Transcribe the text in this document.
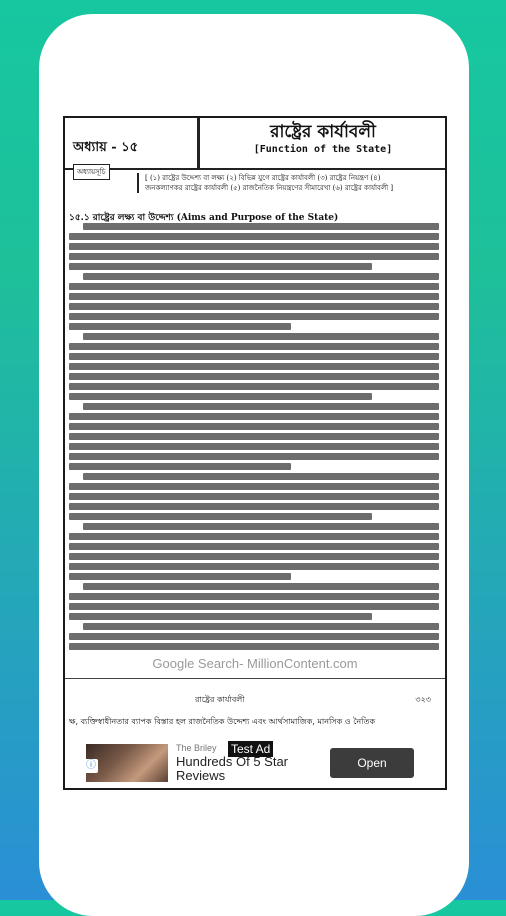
অধ্যায় - ১৫
রাষ্ট্রের কার্যাবলী
[Function of the State]
অধ্যায়সূচি
[ (১) রাষ্ট্রের উদ্দেশ্য বা লক্ষ্য (২) বিভিন্ন যুগে রাষ্ট্রের কার্যাবলী (৩) রাষ্ট্রের নিয়ন্ত্রণ (৪)
জনকল্যাণকর রাষ্ট্রের কার্যাবলী (৫) রাজনৈতিক নিয়ন্ত্রণের সীমারেখা (৬) রাষ্ট্রের কার্যাবলী ]
১৫.১ রাষ্ট্রের লক্ষ্য বা উদ্দেশ্য (Aims and Purpose of the State)
Google Search- MillionContent.com
রাষ্ট্রের কার্যাবলী	৩২৩
ক্ষ, ব্যক্তিস্বাধীনতার ব্যাপক বিস্তার হল রাজনৈতিক উদ্দেশ্য এবং আর্থসামাজিক, মানসিক ও নৈতিক
ⓘ
The Briley Test Ad
Hundreds Of 5 Star Reviews
Open
